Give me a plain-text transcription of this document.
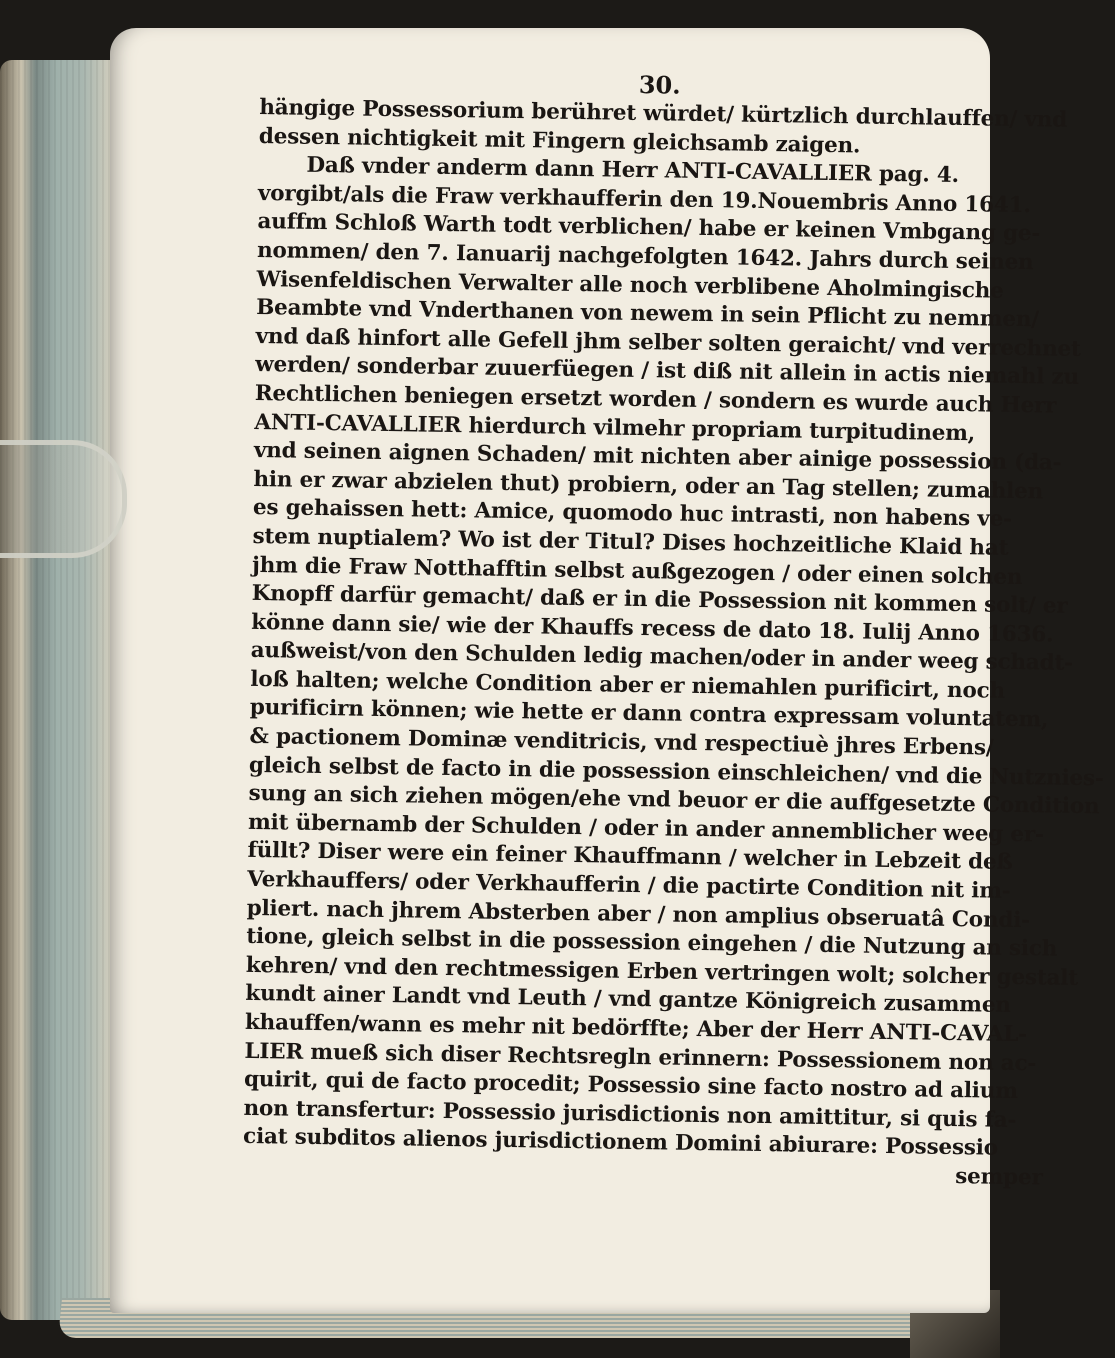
30.
hängige Possessorium berühret würdet/ kürtzlich durchlauffen/ vnd
dessen nichtigkeit mit Fingern gleichsamb zaigen.
Daß vnder anderm dann Herr ANTI-CAVALLIER pag. 4.
vorgibt/als die Fraw verkhaufferin den 19.Nouembris Anno 1641.
auffm Schloß Warth todt verblichen/ habe er keinen Vmbgang ge-
nommen/ den 7. Ianuarij nachgefolgten 1642. Jahrs durch seinen
Wisenfeldischen Verwalter alle noch verblibene Aholmingische
Beambte vnd Vnderthanen von newem in sein Pflicht zu nemmen/
vnd daß hinfort alle Gefell jhm selber solten geraicht/ vnd verrechnet
werden/ sonderbar zuuerfüegen / ist diß nit allein in actis niemahl zu
Rechtlichen beniegen ersetzt worden / sondern es wurde auch Herr
ANTI-CAVALLIER hierdurch vilmehr propriam turpitudinem,
vnd seinen aignen Schaden/ mit nichten aber ainige possession (da-
hin er zwar abzielen thut) probiern, oder an Tag stellen; zumahlen
es gehaissen hett: Amice, quomodo huc intrasti, non habens ve-
stem nuptialem? Wo ist der Titul? Dises hochzeitliche Klaid hat
jhm die Fraw Notthafftin selbst außgezogen / oder einen solchen
Knopff darfür gemacht/ daß er in die Possession nit kommen solt/ er
könne dann sie/ wie der Khauffs recess de dato 18. Iulij Anno 1636.
außweist/von den Schulden ledig machen/oder in ander weeg schadt-
loß halten; welche Condition aber er niemahlen purificirt, noch
purificirn können; wie hette er dann contra expressam voluntatem,
& pactionem Dominæ venditricis, vnd respectiuè jhres Erbens/
gleich selbst de facto in die possession einschleichen/ vnd die Nutznies-
sung an sich ziehen mögen/ehe vnd beuor er die auffgesetzte Condition
mit übernamb der Schulden / oder in ander annemblicher weeg er-
füllt? Diser were ein feiner Khauffmann / welcher in Lebzeit deß
Verkhauffers/ oder Verkhaufferin / die pactirte Condition nit im-
pliert. nach jhrem Absterben aber / non amplius obseruatâ Condi-
tione, gleich selbst in die possession eingehen / die Nutzung an sich
kehren/ vnd den rechtmessigen Erben vertringen wolt; solcher gestalt
kundt ainer Landt vnd Leuth / vnd gantze Königreich zusammen
khauffen/wann es mehr nit bedörffte; Aber der Herr ANTI-CAVAL-
LIER mueß sich diser Rechtsregln erinnern: Possessionem non ac-
quirit, qui de facto procedit; Possessio sine facto nostro ad alium
non transfertur: Possessio jurisdictionis non amittitur, si quis fa-
ciat subditos alienos jurisdictionem Domini abiurare: Possessio
semper
